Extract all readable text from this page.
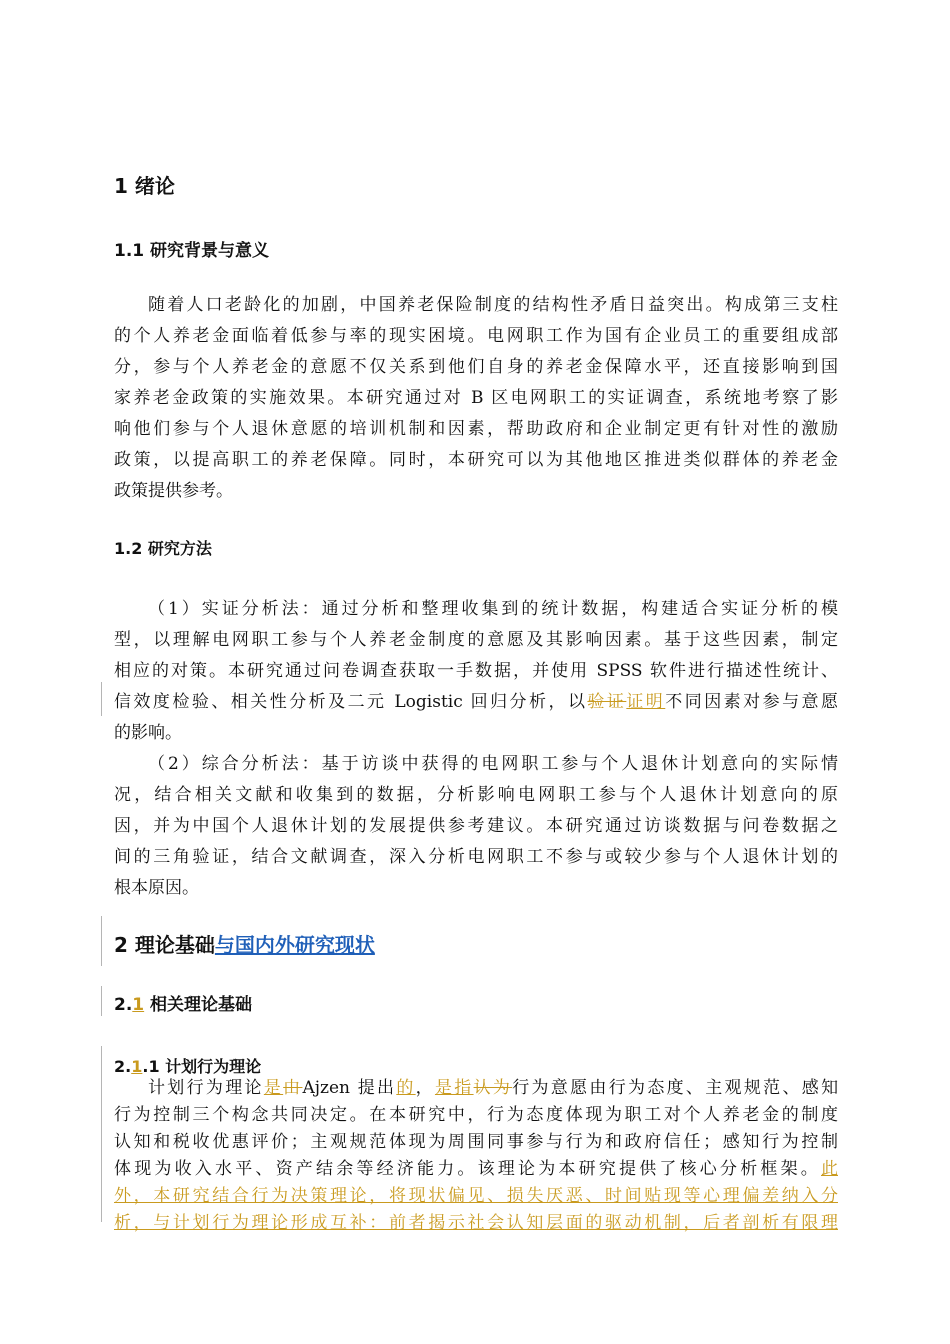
1 绪论
1.1 研究背景与意义
随着人口老龄化的加剧，中国养老保险制度的结构性矛盾日益突出。构成第三支柱
的个人养老金面临着低参与率的现实困境。电网职工作为国有企业员工的重要组成部
分，参与个人养老金的意愿不仅关系到他们自身的养老金保障水平，还直接影响到国
家养老金政策的实施效果。本研究通过对 B 区电网职工的实证调查，系统地考察了影
响他们参与个人退休意愿的培训机制和因素，帮助政府和企业制定更有针对性的激励
政策，以提高职工的养老保障。同时，本研究可以为其他地区推进类似群体的养老金
政策提供参考。
1.2 研究方法
（1）实证分析法：通过分析和整理收集到的统计数据，构建适合实证分析的模
型，以理解电网职工参与个人养老金制度的意愿及其影响因素。基于这些因素，制定
相应的对策。本研究通过问卷调查获取一手数据，并使用 SPSS 软件进行描述性统计、
信效度检验、相关性分析及二元 Logistic 回归分析，以验证证明不同因素对参与意愿
的影响。
（2）综合分析法：基于访谈中获得的电网职工参与个人退休计划意向的实际情
况，结合相关文献和收集到的数据，分析影响电网职工参与个人退休计划意向的原
因，并为中国个人退休计划的发展提供参考建议。本研究通过访谈数据与问卷数据之
间的三角验证，结合文献调查，深入分析电网职工不参与或较少参与个人退休计划的
根本原因。
2 理论基础与国内外研究现状
2.1 相关理论基础
2.1.1 计划行为理论
计划行为理论是由Ajzen 提出的，是指认为行为意愿由行为态度、主观规范、感知
行为控制三个构念共同决定。在本研究中，行为态度体现为职工对个人养老金的制度
认知和税收优惠评价；主观规范体现为周围同事参与行为和政府信任；感知行为控制
体现为收入水平、资产结余等经济能力。该理论为本研究提供了核心分析框架。此
外，本研究结合行为决策理论，将现状偏见、损失厌恶、时间贴现等心理偏差纳入分
析，与计划行为理论形成互补：前者揭示社会认知层面的驱动机制，后者剖析有限理
